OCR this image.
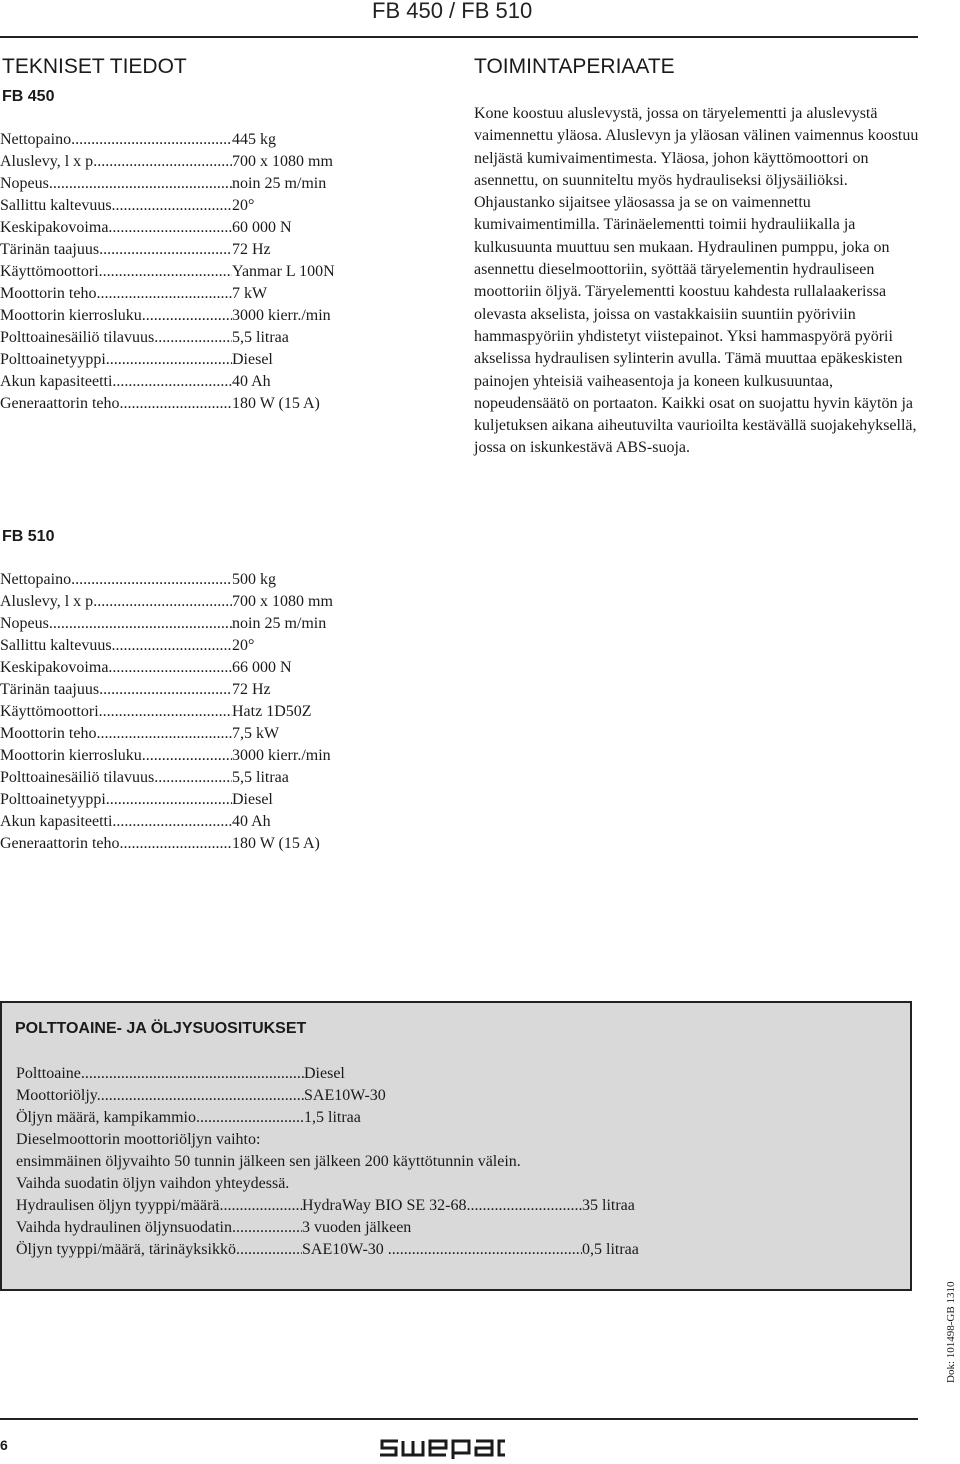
FB 450 / FB 510
TEKNISET TIEDOT
FB 450
Nettopaino .....	445 kg
Aluslevy, l x p .....	700 x 1080 mm
Nopeus .....	noin 25 m/min
Sallittu kaltevuus .....	20°
Keskipakovoima .....	60 000 N
Tärinän taajuus .....	72 Hz
Käyttömoottori .....	Yanmar L 100N
Moottorin teho .....	7 kW
Moottorin kierrosluku .....	3000 kierr./min
Polttoainesäiliö tilavuus .....	5,5 litraa
Polttoainetyyppi .....	Diesel
Akun kapasiteetti .....	40 Ah
Generaattorin teho .....	180 W (15 A)
FB 510
Nettopaino .....	500 kg
Aluslevy, l x p .....	700 x 1080 mm
Nopeus .....	noin 25 m/min
Sallittu kaltevuus .....	20°
Keskipakovoima .....	66 000 N
Tärinän taajuus .....	72 Hz
Käyttömoottori .....	Hatz 1D50Z
Moottorin teho .....	7,5 kW
Moottorin kierrosluku .....	3000 kierr./min
Polttoainesäiliö tilavuus .....	5,5 litraa
Polttoainetyyppi .....	Diesel
Akun kapasiteetti .....	40 Ah
Generaattorin teho .....	180 W (15 A)
TOIMINTAPERIAATE

Kone koostuu aluslevystä, jossa on täryelementti ja aluslevystä vaimennettu yläosa. Aluslevyn ja yläosan välinen vaimennus koostuu neljästä kumivaimentimesta. Yläosa, johon käyttömoottori on asennettu, on suunniteltu myös hydrauliseksi öljysäiliöksi. Ohjaustanko sijaitsee yläosassa ja se on vaimennettu kumivaimentimilla. Tärinäelementti toimii hydrauliikalla ja kulkusuunta muuttuu sen mukaan. Hydraulinen pumppu, joka on asennettu dieselmoottoriin, syöttää täryelementin hydrauliseen moottoriin öljyä. Täryelementti koostuu kahdesta rullalaakerissa olevasta akselista, joissa on vastakkaisiin suuntiin pyöriviin hammaspyöriin yhdistetyt viistepainot. Yksi hammaspyörä pyörii akselissa hydraulisen sylinterin avulla. Tämä muuttaa epäkeskisten painojen yhteisiä vaiheasentoja ja koneen kulkusuuntaa, nopeudensäätö on portaaton. Kaikki osat on suojattu hyvin käytön ja kuljetuksen aikana aiheutuvilta vaurioilta kestävällä suojakehyksellä, jossa on iskunkestävä ABS-suoja.

POLTTOAINE- JA ÖLJYSUOSITUKSET
Polttoaine .....	Diesel
Moottoriöljy .....	SAE10W-30
Öljyn määrä, kampikammio .....	1,5 litraa
Dieselmoottorin moottoriöljyn vaihto:
ensimmäinen öljyvaihto 50 tunnin jälkeen sen jälkeen 200 käyttötunnin välein.
Vaihda suodatin öljyn vaihdon yhteydessä.
Hydraulisen öljyn tyyppi/määrä .....	HydraWay BIO SE 32-68 .....	35 litraa
Vaihda hydraulinen öljynsuodatin .....	3 vuoden jälkeen
Öljyn tyyppi/määrä, tärinäyksikkö .....	SAE10W-30 .....	0,5 litraa
6
Dok: 101498-GB 1310
